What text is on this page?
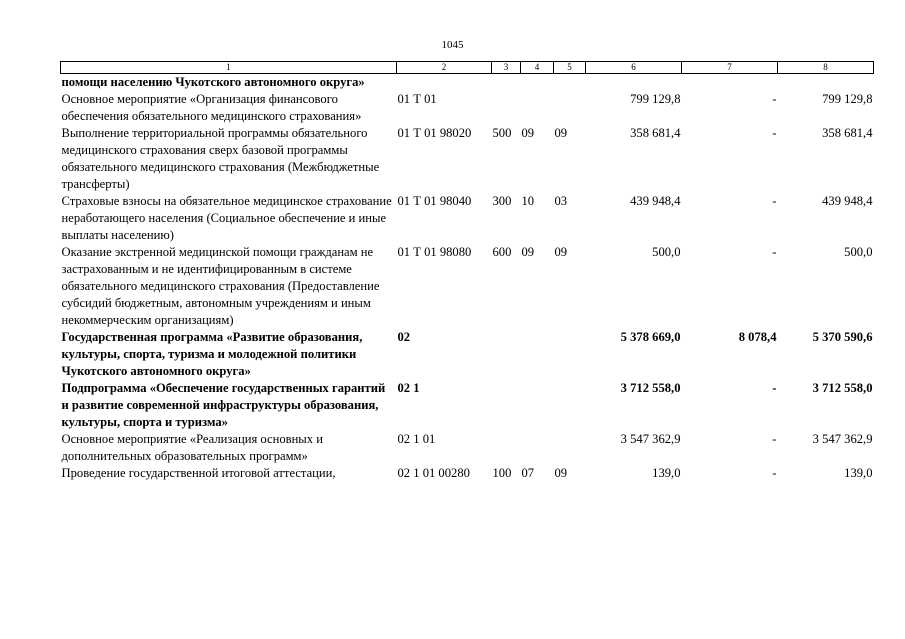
1045
1	2	3	4	5	6	7	8
помощи населению Чукотского автономного округа»							
Основное мероприятие «Организация финансового обеспечения обязательного медицинского страхования»	01 Т 01				799 129,8	-	799 129,8
Выполнение территориальной программы обязательного медицинского страхования сверх базовой программы обязательного медицинского страхования (Межбюджетные трансферты)	01 Т 01 98020	500	09	09	358 681,4	-	358 681,4
Страховые взносы на обязательное медицинское страхование неработающего населения (Социальное обеспечение и иные выплаты населению)	01 Т 01 98040	300	10	03	439 948,4	-	439 948,4
Оказание экстренной медицинской помощи гражданам не застрахованным и не идентифицированным в системе обязательного медицинского страхования (Предоставление субсидий бюджетным, автономным учреждениям и иным некоммерческим организациям)	01 Т 01 98080	600	09	09	500,0	-	500,0
Государственная программа «Развитие образования, культуры, спорта, туризма и молодежной политики Чукотского автономного округа»	02				5 378 669,0	8 078,4	5 370 590,6
Подпрограмма «Обеспечение государственных гарантий и развитие современной инфраструктуры образования, культуры, спорта и туризма»	02 1				3 712 558,0	-	3 712 558,0
Основное мероприятие «Реализация основных и дополнительных образовательных программ»	02 1 01				3 547 362,9	-	3 547 362,9
Проведение государственной итоговой аттестации,	02 1 01 00280	100	07	09	139,0	-	139,0
